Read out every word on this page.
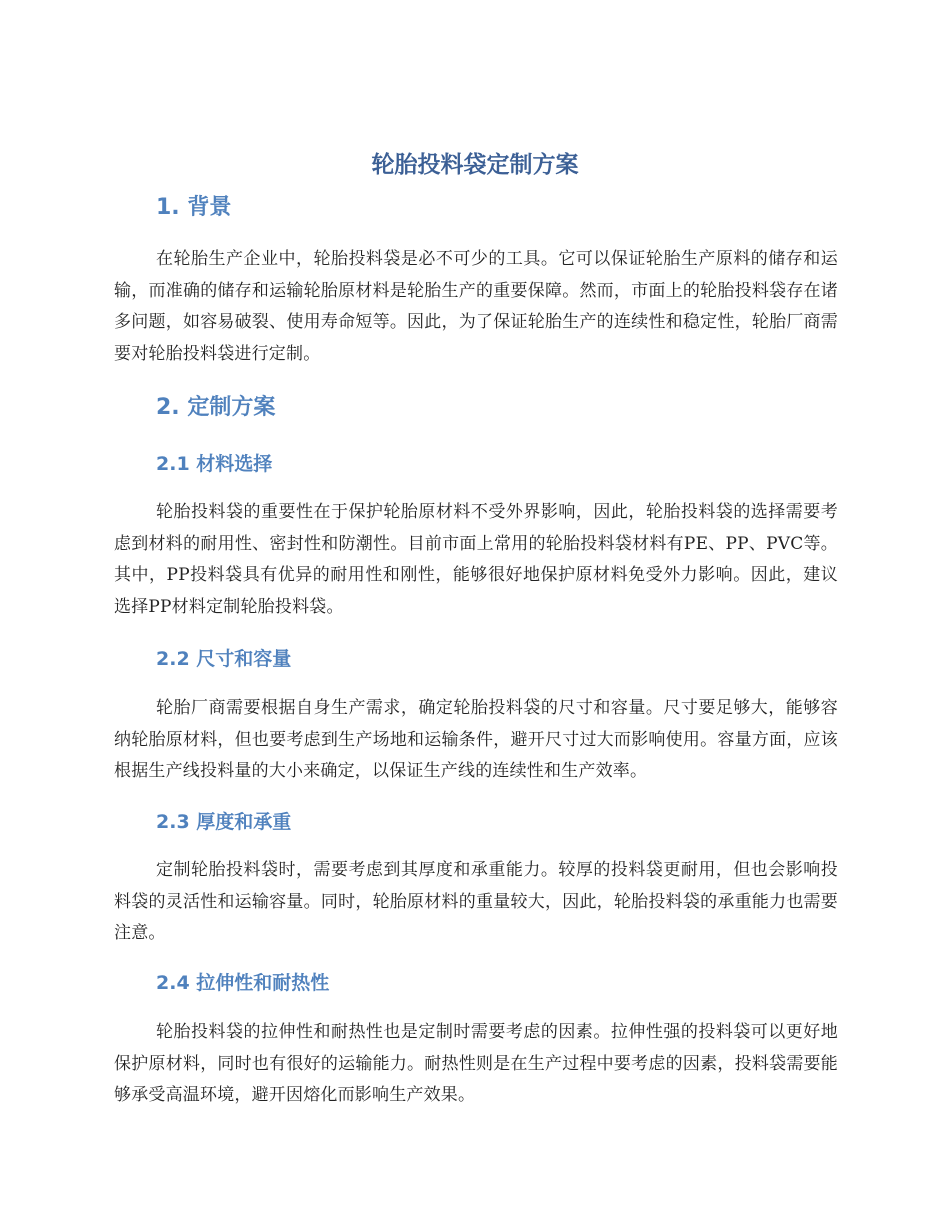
轮胎投料袋定制方案
1. 背景

在轮胎生产企业中，轮胎投料袋是必不可少的工具。它可以保证轮胎生产原料的储存和运输，而准确的储存和运输轮胎原材料是轮胎生产的重要保障。然而，市面上的轮胎投料袋存在诸多问题，如容易破裂、使用寿命短等。因此，为了保证轮胎生产的连续性和稳定性，轮胎厂商需要对轮胎投料袋进行定制。

2. 定制方案
2.1 材料选择

轮胎投料袋的重要性在于保护轮胎原材料不受外界影响，因此，轮胎投料袋的选择需要考虑到材料的耐用性、密封性和防潮性。目前市面上常用的轮胎投料袋材料有PE、PP、PVC等。其中，PP投料袋具有优异的耐用性和刚性，能够很好地保护原材料免受外力影响。因此，建议选择PP材料定制轮胎投料袋。

2.2 尺寸和容量

轮胎厂商需要根据自身生产需求，确定轮胎投料袋的尺寸和容量。尺寸要足够大，能够容纳轮胎原材料，但也要考虑到生产场地和运输条件，避开尺寸过大而影响使用。容量方面，应该根据生产线投料量的大小来确定，以保证生产线的连续性和生产效率。

2.3 厚度和承重

定制轮胎投料袋时，需要考虑到其厚度和承重能力。较厚的投料袋更耐用，但也会影响投料袋的灵活性和运输容量。同时，轮胎原材料的重量较大，因此，轮胎投料袋的承重能力也需要注意。

2.4 拉伸性和耐热性

轮胎投料袋的拉伸性和耐热性也是定制时需要考虑的因素。拉伸性强的投料袋可以更好地保护原材料，同时也有很好的运输能力。耐热性则是在生产过程中要考虑的因素，投料袋需要能够承受高温环境，避开因熔化而影响生产效果。
